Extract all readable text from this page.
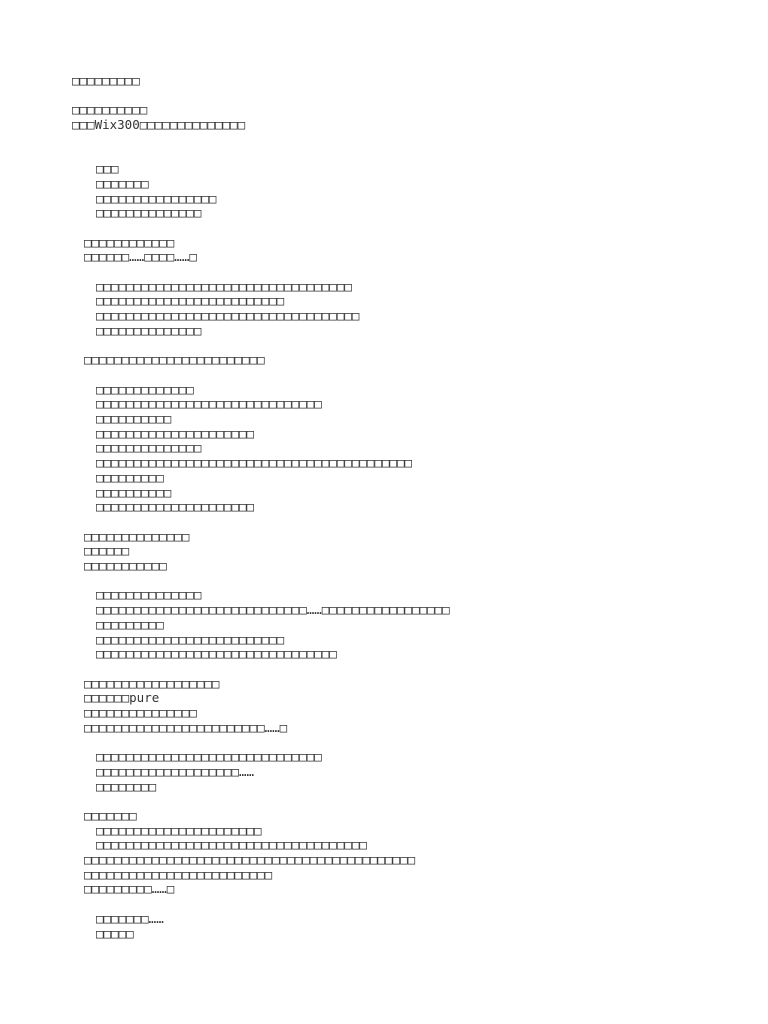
□□□□□□□□□
□□□□□□□□□□
□□□Wix300□□□□□□□□□□□□□□
□□□
□□□□□□□
□□□□□□□□□□□□□□□□
□□□□□□□□□□□□□□
□□□□□□□□□□□□
□□□□□□……□□□□……□
□□□□□□□□□□□□□□□□□□□□□□□□□□□□□□□□□□
□□□□□□□□□□□□□□□□□□□□□□□□□
□□□□□□□□□□□□□□□□□□□□□□□□□□□□□□□□□□□
□□□□□□□□□□□□□□
□□□□□□□□□□□□□□□□□□□□□□□□
□□□□□□□□□□□□□
□□□□□□□□□□□□□□□□□□□□□□□□□□□□□□
□□□□□□□□□□
□□□□□□□□□□□□□□□□□□□□□
□□□□□□□□□□□□□□
□□□□□□□□□□□□□□□□□□□□□□□□□□□□□□□□□□□□□□□□□□
□□□□□□□□□
□□□□□□□□□□
□□□□□□□□□□□□□□□□□□□□□
□□□□□□□□□□□□□□
□□□□□□
□□□□□□□□□□□
□□□□□□□□□□□□□□
□□□□□□□□□□□□□□□□□□□□□□□□□□□□……□□□□□□□□□□□□□□□□□
□□□□□□□□□
□□□□□□□□□□□□□□□□□□□□□□□□□
□□□□□□□□□□□□□□□□□□□□□□□□□□□□□□□□
□□□□□□□□□□□□□□□□□□
□□□□□□pure
□□□□□□□□□□□□□□□
□□□□□□□□□□□□□□□□□□□□□□□□……□
□□□□□□□□□□□□□□□□□□□□□□□□□□□□□□
□□□□□□□□□□□□□□□□□□□……
□□□□□□□□
□□□□□□□
□□□□□□□□□□□□□□□□□□□□□□
□□□□□□□□□□□□□□□□□□□□□□□□□□□□□□□□□□□□
□□□□□□□□□□□□□□□□□□□□□□□□□□□□□□□□□□□□□□□□□□□□
□□□□□□□□□□□□□□□□□□□□□□□□□
□□□□□□□□□……□
□□□□□□□……
□□□□□
